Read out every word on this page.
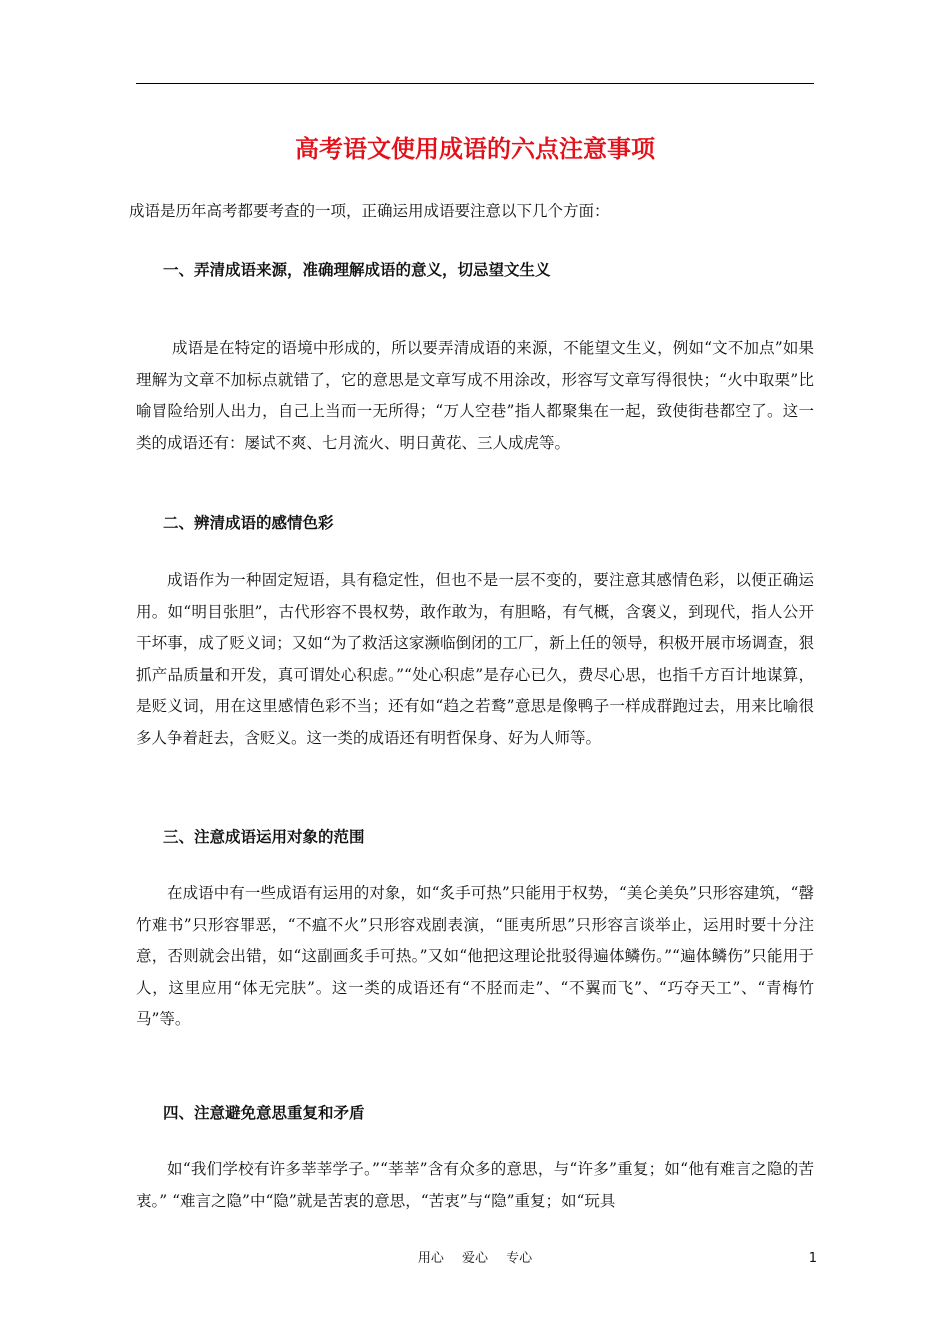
高考语文使用成语的六点注意事项

成语是历年高考都要考查的一项，正确运用成语要注意以下几个方面：

一、弄清成语来源，准确理解成语的意义，切忌望文生义

成语是在特定的语境中形成的，所以要弄清成语的来源，不能望文生义，例如“文不加点”如果理解为文章不加标点就错了，它的意思是文章写成不用涂改，形容写文章写得很快；“火中取栗”比喻冒险给别人出力，自己上当而一无所得；“万人空巷”指人都聚集在一起，致使街巷都空了。这一类的成语还有：屡试不爽、七月流火、明日黄花、三人成虎等。

二、辨清成语的感情色彩

成语作为一种固定短语，具有稳定性，但也不是一层不变的，要注意其感情色彩，以便正确运用。如“明目张胆”，古代形容不畏权势，敢作敢为，有胆略，有气概，含褒义，到现代，指人公开干坏事，成了贬义词；又如“为了救活这家濒临倒闭的工厂，新上任的领导，积极开展市场调查，狠抓产品质量和开发，真可谓处心积虑。”“处心积虑”是存心已久，费尽心思，也指千方百计地谋算，是贬义词，用在这里感情色彩不当；还有如“趋之若鹜”意思是像鸭子一样成群跑过去，用来比喻很多人争着赶去，含贬义。这一类的成语还有明哲保身、好为人师等。

三、注意成语运用对象的范围

在成语中有一些成语有运用的对象，如“炙手可热”只能用于权势，“美仑美奂”只形容建筑，“罄竹难书”只形容罪恶，“不瘟不火”只形容戏剧表演，“匪夷所思”只形容言谈举止，运用时要十分注意，否则就会出错，如“这副画炙手可热。”又如“他把这理论批驳得遍体鳞伤。”“遍体鳞伤”只能用于人，这里应用“体无完肤”。这一类的成语还有“不胫而走”、“不翼而飞”、“巧夺天工”、“青梅竹马”等。

四、注意避免意思重复和矛盾

如“我们学校有许多莘莘学子。”“莘莘”含有众多的意思，与“许多”重复；如“他有难言之隐的苦衷。” “难言之隐”中“隐”就是苦衷的意思，“苦衷”与“隐”重复；如“玩具

用心 爱心 专心	1
